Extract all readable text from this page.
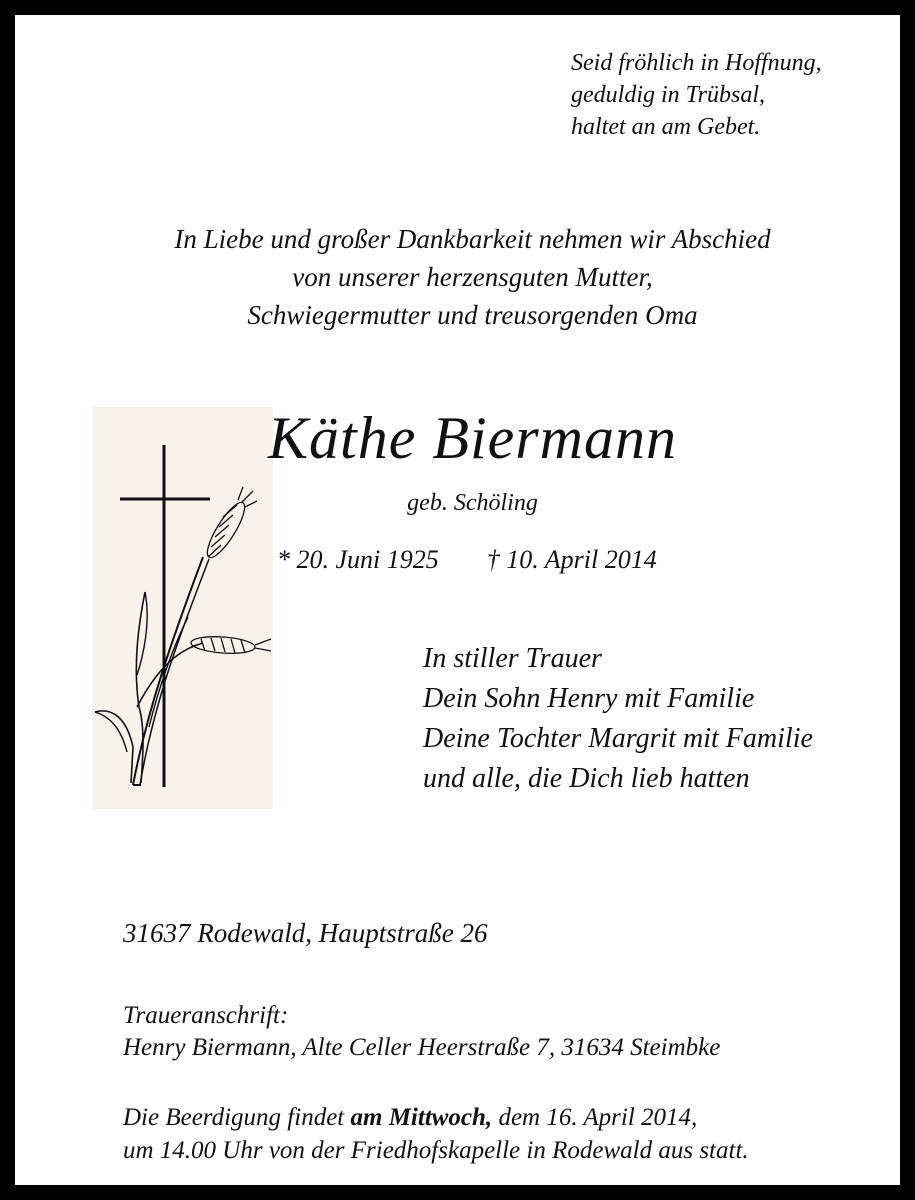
Seid fröhlich in Hoffnung,
geduldig in Trübsal,
haltet an am Gebet.
In Liebe und großer Dankbarkeit nehmen wir Abschied
von unserer herzensguten Mutter,
Schwiegermutter und treusorgenden Oma
Käthe Biermann
geb. Schöling
* 20. Juni 1925 † 10. April 2014
In stiller Trauer
Dein Sohn Henry mit Familie
Deine Tochter Margrit mit Familie
und alle, die Dich lieb hatten
31637 Rodewald, Hauptstraße 26
Traueranschrift:
Henry Biermann, Alte Celler Heerstraße 7, 31634 Steimbke
Die Beerdigung findet am Mittwoch, dem 16. April 2014,
um 14.00 Uhr von der Friedhofskapelle in Rodewald aus statt.
